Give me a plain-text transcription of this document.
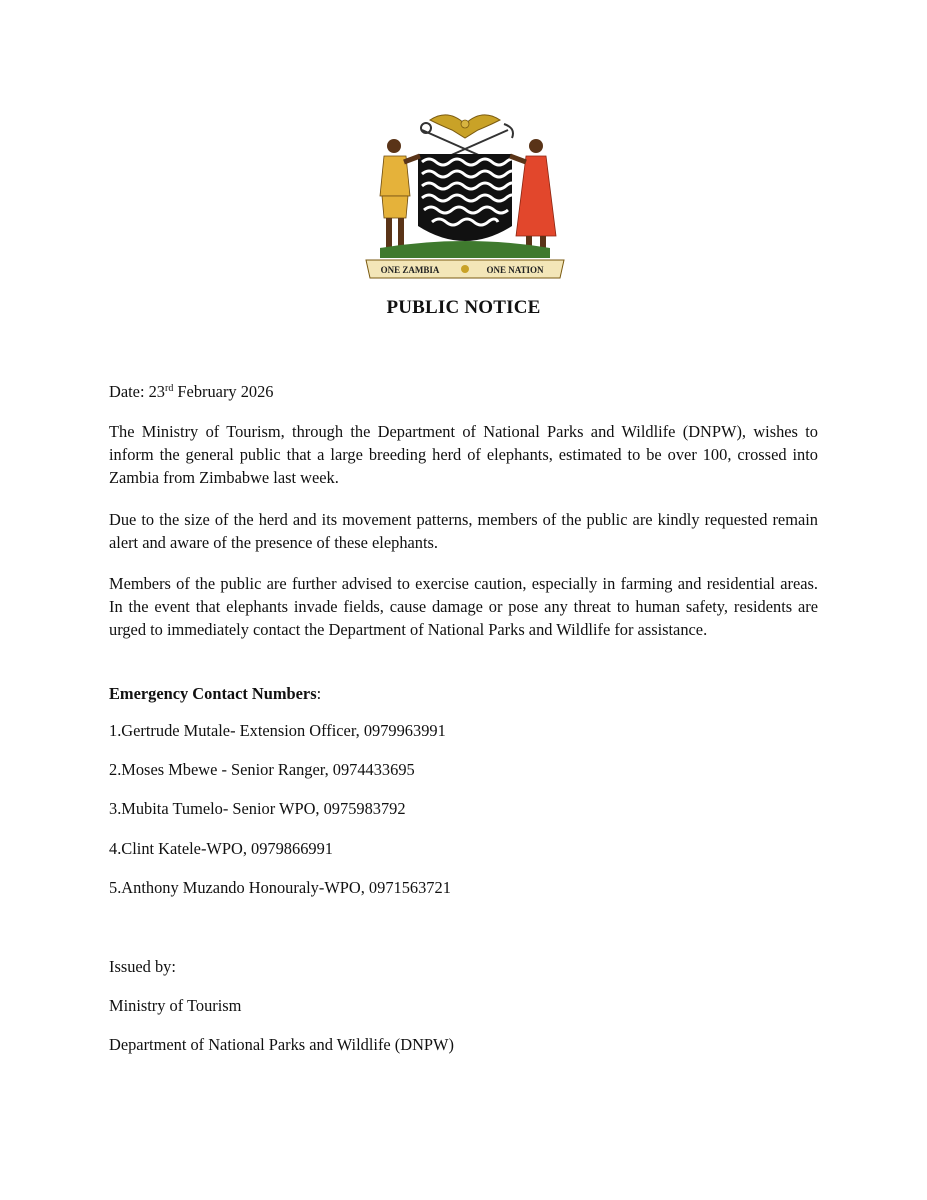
ONE ZAMBIA	ONE NATION
PUBLIC NOTICE
Date: 23rd February 2026
The Ministry of Tourism, through the Department of National Parks and Wildlife (DNPW), wishes to inform the general public that a large breeding herd of elephants, estimated to be over 100, crossed into Zambia from Zimbabwe last week.
Due to the size of the herd and its movement patterns, members of the public are kindly requested remain alert and aware of the presence of these elephants.
Members of the public are further advised to exercise caution, especially in farming and residential areas. In the event that elephants invade fields, cause damage or pose any threat to human safety, residents are urged to immediately contact the Department of National Parks and Wildlife for assistance.
Emergency Contact Numbers:
1.Gertrude Mutale- Extension Officer, 0979963991
2.Moses Mbewe - Senior Ranger, 0974433695
3.Mubita Tumelo- Senior WPO, 0975983792
4.Clint Katele-WPO, 0979866991
5.Anthony Muzando Honouraly-WPO, 0971563721
Issued by:
Ministry of Tourism
Department of National Parks and Wildlife (DNPW)
